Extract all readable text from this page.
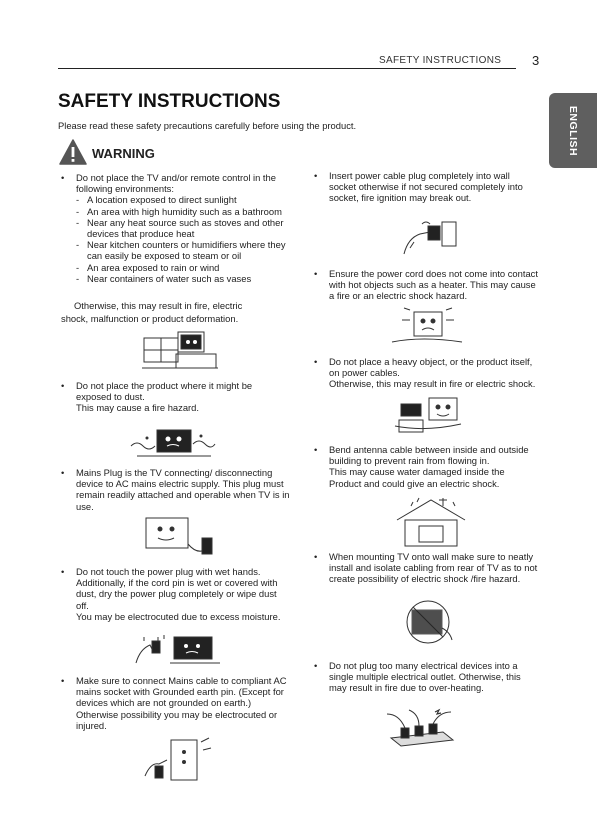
SAFETY INSTRUCTIONS 3
ENGLISH
SAFETY INSTRUCTIONS
Please read these safety precautions carefully before using the product.
WARNING
• Do not place the TV and/or remote control in the following environments:
- A location exposed to direct sunlight
- An area with high humidity such as a bathroom
- Near any heat source such as stoves and other devices that produce heat
- Near kitchen counters or humidifiers where they can easily be exposed to steam or oil
- An area exposed to rain or wind
- Near containers of water such as vases
Otherwise, this may result in fire, electric
shock, malfunction or product deformation.
• Do not place the product where it might be exposed to dust.
This may cause a fire hazard.
• Mains Plug is the TV connecting/ disconnecting device to AC mains electric supply. This plug must remain readily attached and operable when TV is in use.
• Do not touch the power plug with wet hands. Additionally, if the cord pin is wet or covered with dust, dry the power plug completely or wipe dust off.
You may be electrocuted due to excess moisture.
• Make sure to connect Mains cable to compliant AC mains socket with Grounded earth pin. (Except for devices which are not grounded on earth.) Otherwise possibility you may be electrocuted or injured.
• Insert power cable plug completely into wall socket otherwise if not secured completely into socket, fire ignition may break out.
• Ensure the power cord does not come into contact with hot objects such as a heater. This may cause a fire or an electric shock hazard.
• Do not place a heavy object, or the product itself, on power cables.
Otherwise, this may result in fire or electric shock.
• Bend antenna cable between inside and outside building to prevent rain from flowing in.
This may cause water damaged inside the Product and could give an electric shock.
• When mounting TV onto wall make sure to neatly install and isolate cabling from rear of TV as to not create possibility of electric shock /fire hazard.
• Do not plug too many electrical devices into a single multiple electrical outlet. Otherwise, this may result in fire due to over-heating.
